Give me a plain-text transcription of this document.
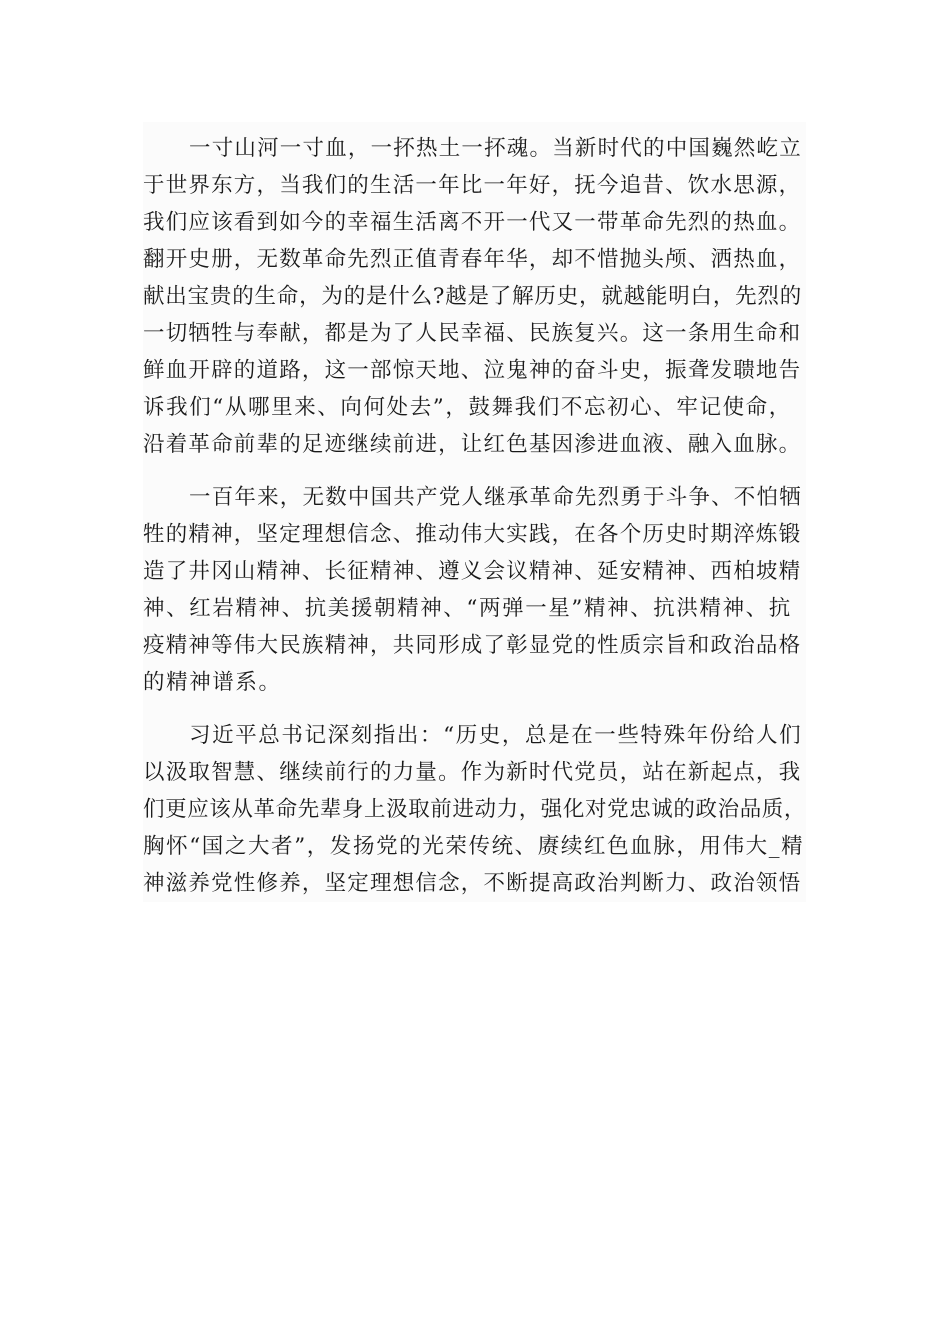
一寸山河一寸血，一抔热土一抔魂。当新时代的中国巍然屹立
于世界东方，当我们的生活一年比一年好，抚今追昔、饮水思源，
我们应该看到如今的幸福生活离不开一代又一带革命先烈的热血。
翻开史册，无数革命先烈正值青春年华，却不惜抛头颅、洒热血，
献出宝贵的生命，为的是什么?越是了解历史，就越能明白，先烈的
一切牺牲与奉献，都是为了人民幸福、民族复兴。这一条用生命和
鲜血开辟的道路，这一部惊天地、泣鬼神的奋斗史，振聋发聩地告
诉我们“从哪里来、向何处去”，鼓舞我们不忘初心、牢记使命，
沿着革命前辈的足迹继续前进，让红色基因渗进血液、融入血脉。
一百年来，无数中国共产党人继承革命先烈勇于斗争、不怕牺
牲的精神，坚定理想信念、推动伟大实践，在各个历史时期淬炼锻
造了井冈山精神、长征精神、遵义会议精神、延安精神、西柏坡精
神、红岩精神、抗美援朝精神、“两弹一星”精神、抗洪精神、抗
疫精神等伟大民族精神，共同形成了彰显党的性质宗旨和政治品格
的精神谱系。
习近平总书记深刻指出：“历史，总是在一些特殊年份给人们
以汲取智慧、继续前行的力量。作为新时代党员，站在新起点，我
们更应该从革命先辈身上汲取前进动力，强化对党忠诚的政治品质，
胸怀“国之大者”，发扬党的光荣传统、赓续红色血脉，用伟大_精
神滋养党性修养，坚定理想信念，不断提高政治判断力、政治领悟
